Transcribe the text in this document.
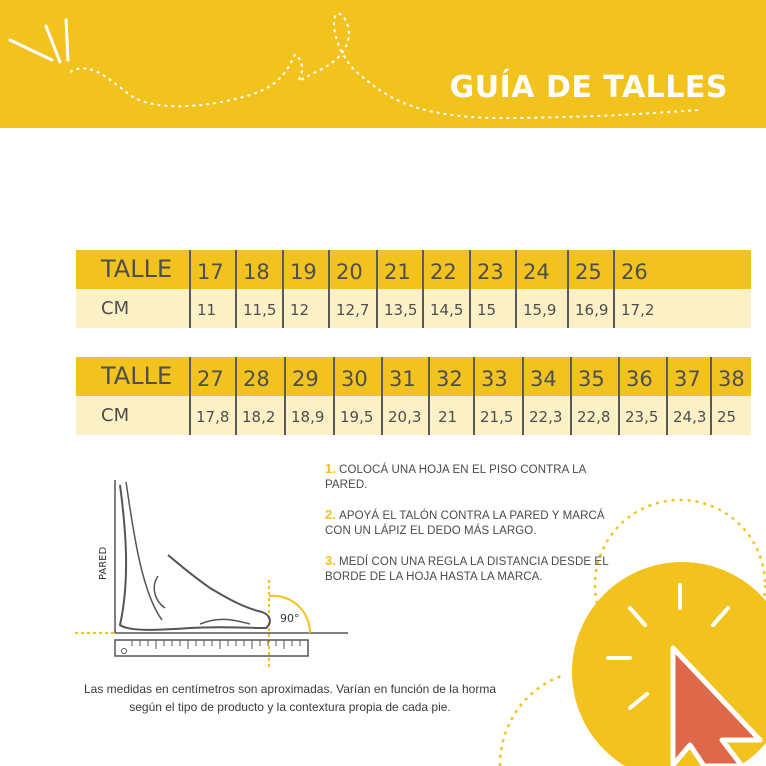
GUÍA DE TALLES
TALLE	17 18 19 20	21 22 23 24	25 26
CM	11	11,5 12	12,7 13,5 14,5 15	15,9	16,9 17,2
TALLE	27 28	29	30	31 32 33	34	35	36	37 38
CM	17,8 18,2	18,9	19,5 20,3	21	21,5	22,3 22,8 23,5 24,3 25
90°
PARED
1. COLOCÁ UNA HOJA EN EL PISO CONTRA LA PARED.
2. APOYÁ EL TALÓN CONTRA LA PARED Y MARCÁ CON UN LÁPIZ EL DEDO MÁS LARGO.
3. MEDÍ CON UNA REGLA LA DISTANCIA DESDE EL BORDE DE LA HOJA HASTA LA MARCA.
Las medidas en centímetros son aproximadas. Varían en función de la horma según el tipo de producto y la contextura propia de cada pie.
